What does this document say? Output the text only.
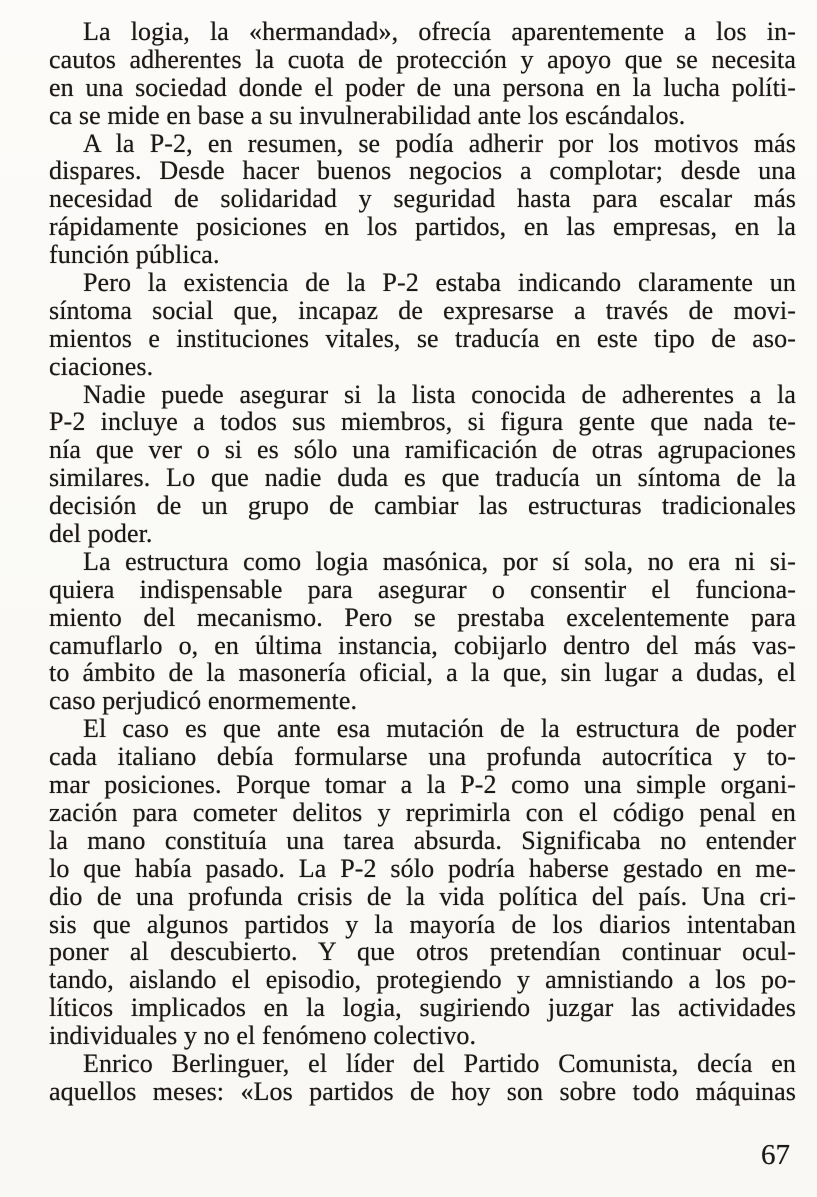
La logia, la «hermandad», ofrecía aparentemente a los in-
cautos adherentes la cuota de protección y apoyo que se necesita
en una sociedad donde el poder de una persona en la lucha políti-
ca se mide en base a su invulnerabilidad ante los escándalos.
A la P-2, en resumen, se podía adherir por los motivos más
dispares. Desde hacer buenos negocios a complotar; desde una
necesidad de solidaridad y seguridad hasta para escalar más
rápidamente posiciones en los partidos, en las empresas, en la
función pública.
Pero la existencia de la P-2 estaba indicando claramente un
síntoma social que, incapaz de expresarse a través de movi-
mientos e instituciones vitales, se traducía en este tipo de aso-
ciaciones.
Nadie puede asegurar si la lista conocida de adherentes a la
P-2 incluye a todos sus miembros, si figura gente que nada te-
nía que ver o si es sólo una ramificación de otras agrupaciones
similares. Lo que nadie duda es que traducía un síntoma de la
decisión de un grupo de cambiar las estructuras tradicionales
del poder.
La estructura como logia masónica, por sí sola, no era ni si-
quiera indispensable para asegurar o consentir el funciona-
miento del mecanismo. Pero se prestaba excelentemente para
camuflarlo o, en última instancia, cobijarlo dentro del más vas-
to ámbito de la masonería oficial, a la que, sin lugar a dudas, el
caso perjudicó enormemente.
El caso es que ante esa mutación de la estructura de poder
cada italiano debía formularse una profunda autocrítica y to-
mar posiciones. Porque tomar a la P-2 como una simple organi-
zación para cometer delitos y reprimirla con el código penal en
la mano constituía una tarea absurda. Significaba no entender
lo que había pasado. La P-2 sólo podría haberse gestado en me-
dio de una profunda crisis de la vida política del país. Una cri-
sis que algunos partidos y la mayoría de los diarios intentaban
poner al descubierto. Y que otros pretendían continuar ocul-
tando, aislando el episodio, protegiendo y amnistiando a los po-
líticos implicados en la logia, sugiriendo juzgar las actividades
individuales y no el fenómeno colectivo.
Enrico Berlinguer, el líder del Partido Comunista, decía en
aquellos meses: «Los partidos de hoy son sobre todo máquinas
67
